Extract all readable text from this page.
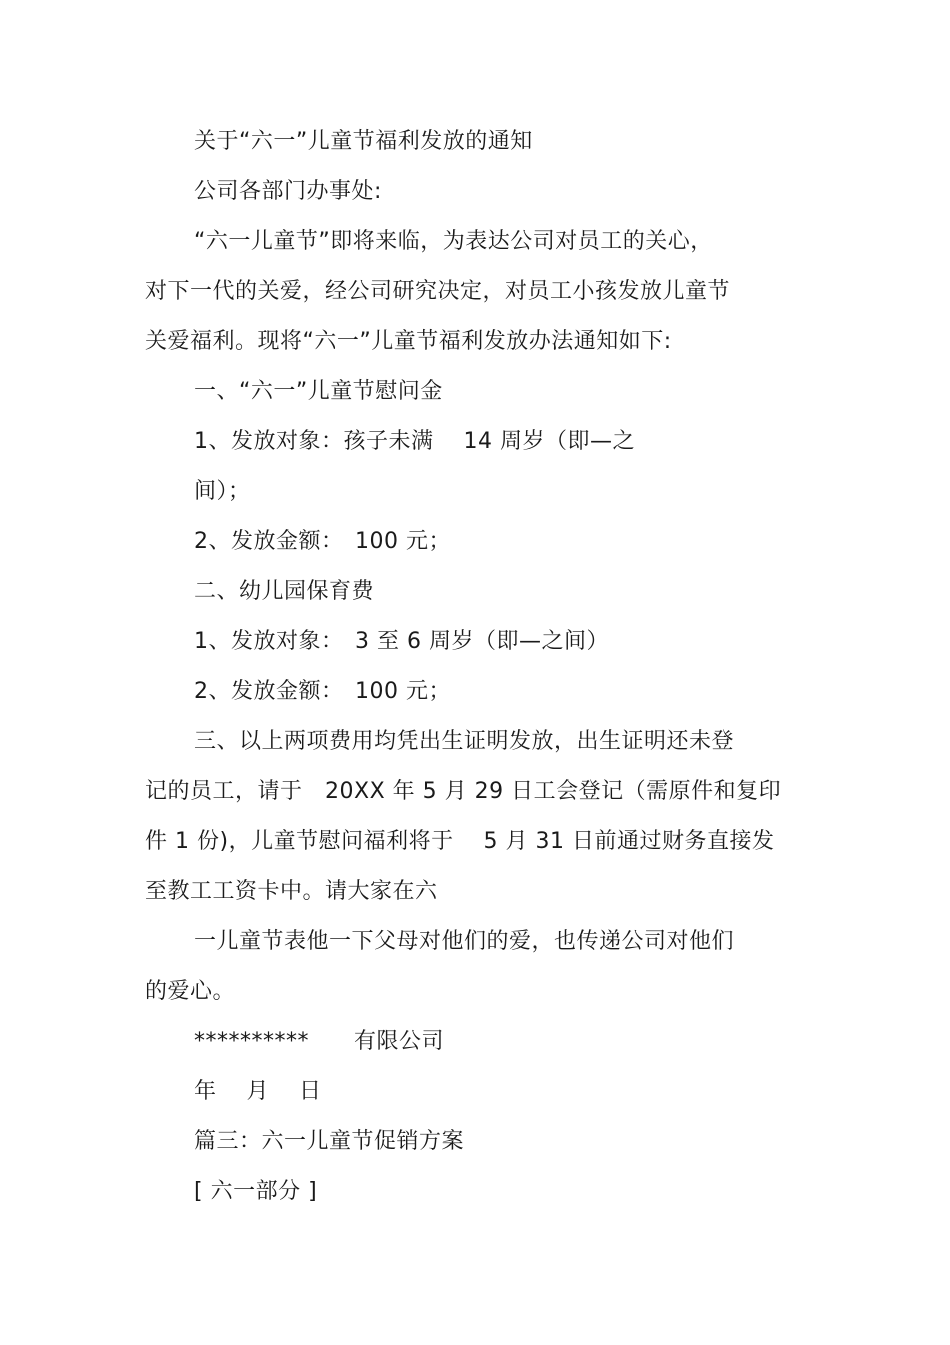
关于“六一”儿童节福利发放的通知
公司各部门办事处:
“六一儿童节”即将来临，为表达公司对员工的关心，
对下一代的关爱，经公司研究决定，对员工小孩发放儿童节
关爱福利。现将“六一”儿童节福利发放办法通知如下:
一、“六一”儿童节慰问金
1、发放对象：孩子未满　 14 周岁（即—之
间）；
2、发放金额：　100 元；
二、幼儿园保育费
1、发放对象：　3 至 6 周岁（即—之间）
2、发放金额：　100 元；
三、以上两项费用均凭出生证明发放，出生证明还未登
记的员工，请于　20XX 年 5 月 29 日工会登记（需原件和复印
件 1 份)，儿童节慰问福利将于　 5 月 31 日前通过财务直接发
至教工工资卡中。请大家在六
一儿童节表他一下父母对他们的爱，也传递公司对他们
的爱心。
**********　　有限公司
年　 月　 日
篇三：六一儿童节促销方案
[ 六一部分 ]
